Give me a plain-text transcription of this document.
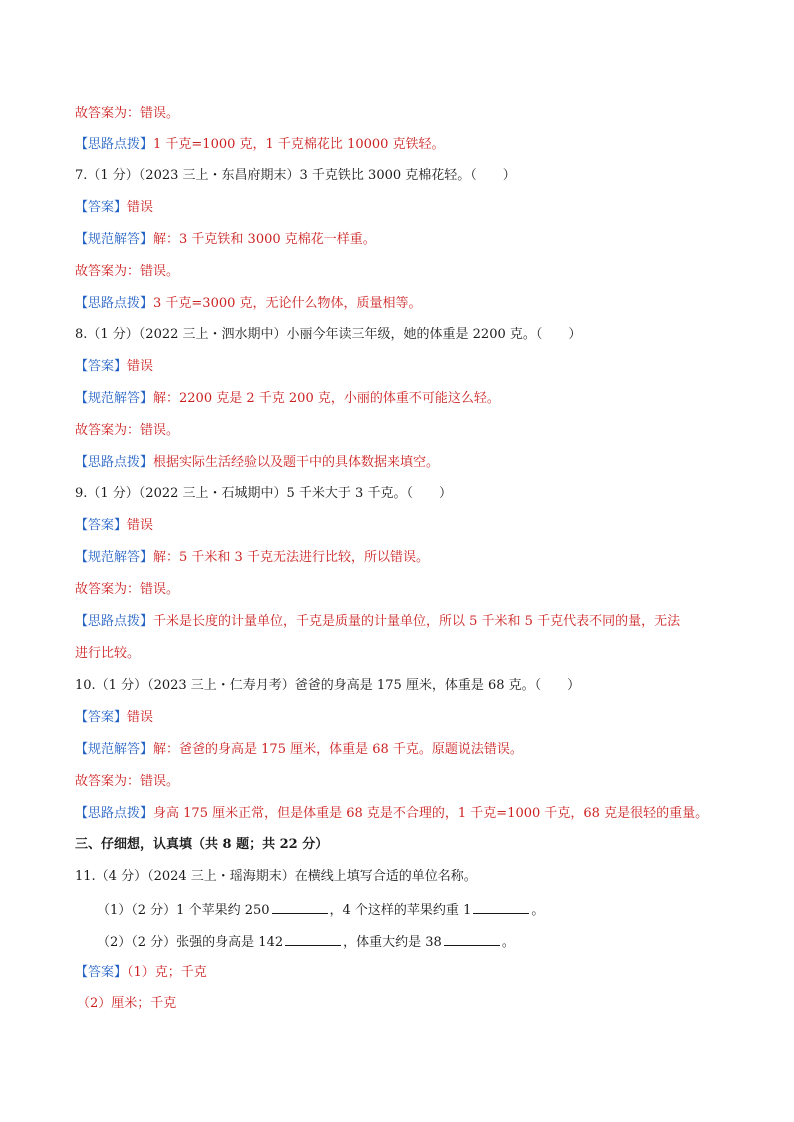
故答案为：错误。
【思路点拨】1 千克=1000 克，1 千克棉花比 10000 克铁轻。
7.（1 分）（2023 三上・东昌府期末）3 千克铁比 3000 克棉花轻。（　　）
【答案】错误
【规范解答】解：3 千克铁和 3000 克棉花一样重。
故答案为：错误。
【思路点拨】3 千克=3000 克，无论什么物体，质量相等。
8.（1 分）（2022 三上・泗水期中）小丽今年读三年级，她的体重是 2200 克。（　　）
【答案】错误
【规范解答】解：2200 克是 2 千克 200 克，小丽的体重不可能这么轻。
故答案为：错误。
【思路点拨】根据实际生活经验以及题干中的具体数据来填空。
9.（1 分）（2022 三上・石城期中）5 千米大于 3 千克。（　　）
【答案】错误
【规范解答】解：5 千米和 3 千克无法进行比较，所以错误。
故答案为：错误。
【思路点拨】千米是长度的计量单位，千克是质量的计量单位，所以 5 千米和 5 千克代表不同的量，无法
进行比较。
10.（1 分）（2023 三上・仁寿月考）爸爸的身高是 175 厘米，体重是 68 克。（　　）
【答案】错误
【规范解答】解：爸爸的身高是 175 厘米，体重是 68 千克。原题说法错误。
故答案为：错误。
【思路点拨】身高 175 厘米正常，但是体重是 68 克是不合理的，1 千克=1000 千克，68 克是很轻的重量。
三、仔细想，认真填（共 8 题；共 22 分）
11.（4 分）（2024 三上・瑶海期末）在横线上填写合适的单位名称。
（1）（2 分）1 个苹果约 250	，4 个这样的苹果约重 1	。
（2）（2 分）张强的身高是 142	，体重大约是 38	。
【答案】（1）克；千克
（2）厘米；千克
